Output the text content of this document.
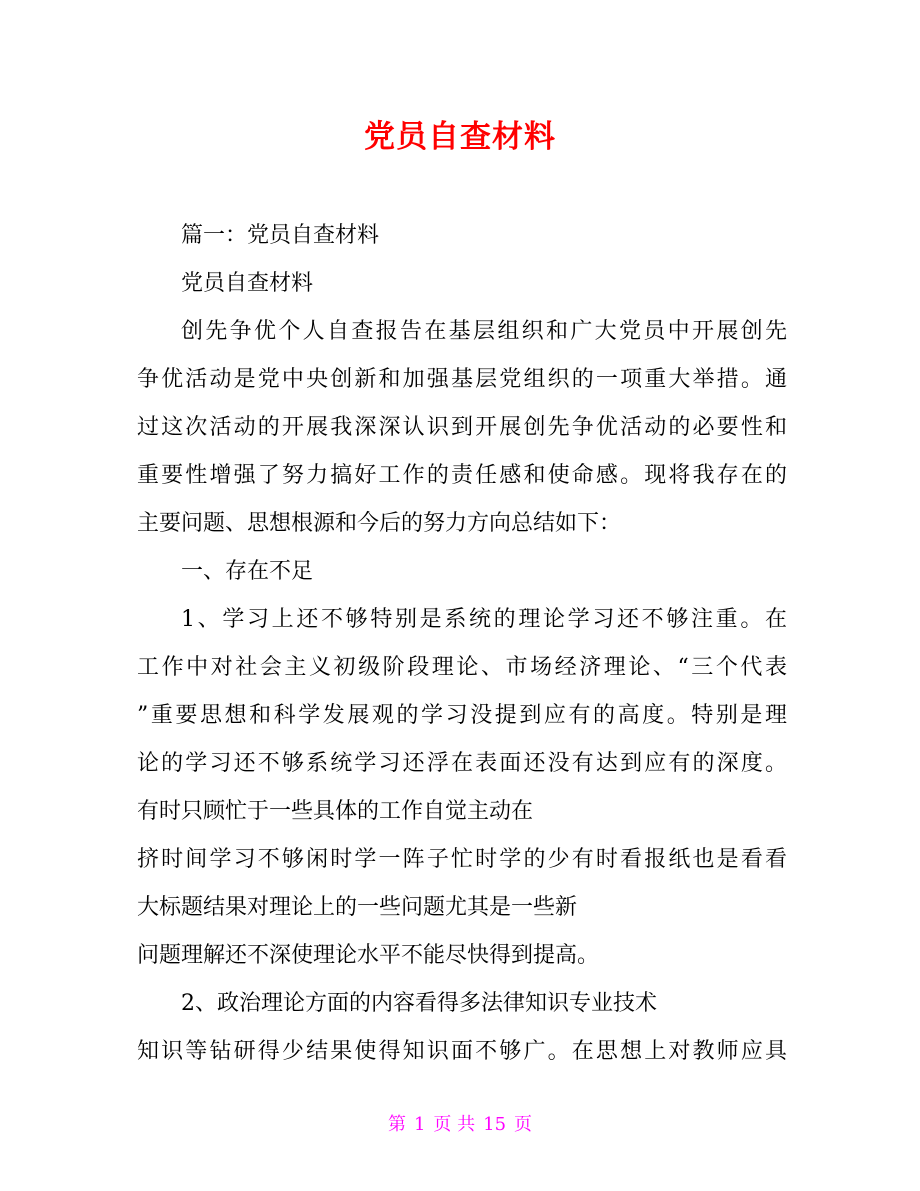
党员自查材料
篇一：党员自查材料
党员自查材料
创先争优个人自查报告在基层组织和广大党员中开展创先
争优活动是党中央创新和加强基层党组织的一项重大举措。通
过这次活动的开展我深深认识到开展创先争优活动的必要性和
重要性增强了努力搞好工作的责任感和使命感。现将我存在的
主要问题、思想根源和今后的努力方向总结如下：
一、存在不足
1、学习上还不够特别是系统的理论学习还不够注重。在
工作中对社会主义初级阶段理论、市场经济理论、“三个代表
”重要思想和科学发展观的学习没提到应有的高度。特别是理
论的学习还不够系统学习还浮在表面还没有达到应有的深度。
有时只顾忙于一些具体的工作自觉主动在
挤时间学习不够闲时学一阵子忙时学的少有时看报纸也是看看
大标题结果对理论上的一些问题尤其是一些新
问题理解还不深使理论水平不能尽快得到提高。
2、政治理论方面的内容看得多法律知识专业技术
知识等钻研得少结果使得知识面不够广。在思想上对教师应具
第 1 页 共 15 页
